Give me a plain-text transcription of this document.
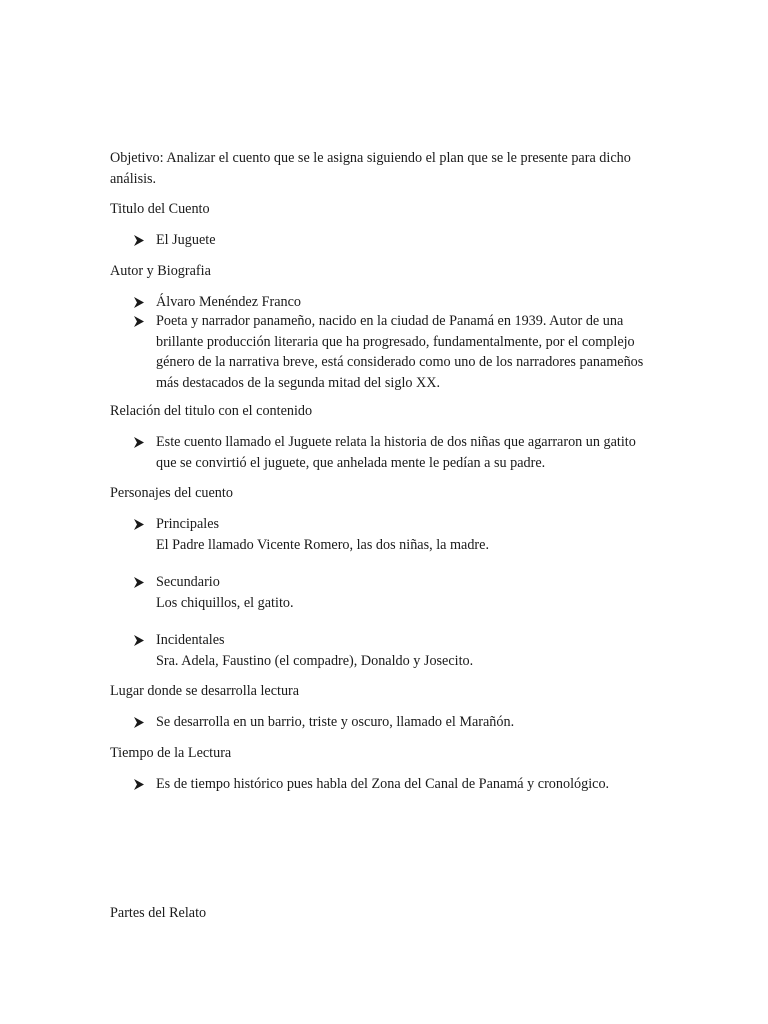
Objetivo: Analizar el cuento que se le asigna siguiendo el plan que se le presente para dicho análisis.

Titulo del Cuento

El Juguete

Autor y Biografia

Álvaro Menéndez Franco
Poeta y narrador panameño, nacido en la ciudad de Panamá en 1939. Autor de una brillante producción literaria que ha progresado, fundamentalmente, por el complejo género de la narrativa breve, está considerado como uno de los narradores panameños más destacados de la segunda mitad del siglo XX.

Relación del titulo con el contenido

Este cuento llamado el Juguete relata la historia de dos niñas que agarraron un gatito que se convirtió el juguete, que anhelada mente le pedían a su padre.

Personajes del cuento

Principales
El Padre llamado Vicente Romero, las dos niñas, la madre.
Secundario
Los chiquillos, el gatito.
Incidentales
Sra. Adela, Faustino (el compadre), Donaldo y Josecito.

Lugar donde se desarrolla lectura

Se desarrolla en un barrio, triste y oscuro, llamado el Marañón.

Tiempo de la Lectura

Es de tiempo histórico pues habla del Zona del Canal de Panamá y cronológico.

Partes del Relato
